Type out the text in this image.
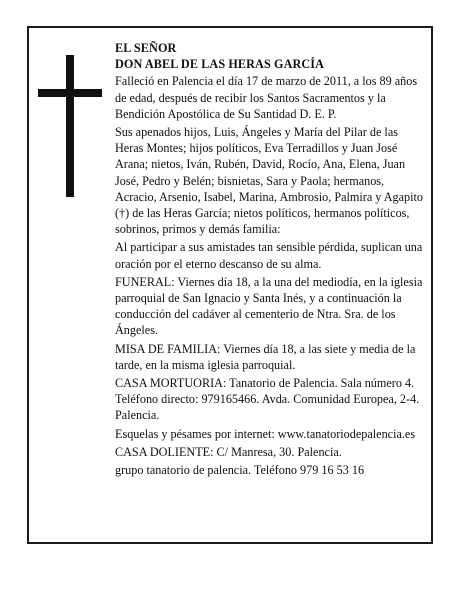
EL SEÑOR

DON ABEL DE LAS HERAS GARCÍA

Falleció en Palencia el día 17 de marzo de 2011, a los 89 años de edad, después de recibir los Santos Sacramentos y la Bendición Apostólica de Su Santidad D. E. P.

Sus apenados hijos, Luis, Ángeles y María del Pilar de las Heras Montes; hijos políticos, Eva Terradillos y Juan José Arana; nietos, Iván, Rubén, David, Rocío, Ana, Elena, Juan José, Pedro y Belén; bisnietas, Sara y Paola; hermanos, Acracio, Arsenio, Isabel, Marina, Ambrosio, Palmira y Agapito (†) de las Heras García; nietos políticos, hermanos políticos, sobrinos, primos y demás familia:

Al participar a sus amistades tan sensible pérdida, suplican una oración por el eterno descanso de su alma.

FUNERAL: Viernes día 18, a la una del mediodía, en la iglesia parroquial de San Ignacio y Santa Inés, y a continuación la conducción del cadáver al cementerio de Ntra. Sra. de los Ángeles.

MISA DE FAMILIA: Viernes día 18, a las siete y media de la tarde, en la misma iglesia parroquial.

CASA MORTUORIA: Tanatorio de Palencia. Sala número 4. Teléfono directo: 979165466. Avda. Comunidad Europea, 2-4. Palencia.

Esquelas y pésames por internet: www.tanatoriodepalencia.es

CASA DOLIENTE: C/ Manresa, 30. Palencia.

grupo tanatorio de palencia. Teléfono 979 16 53 16
